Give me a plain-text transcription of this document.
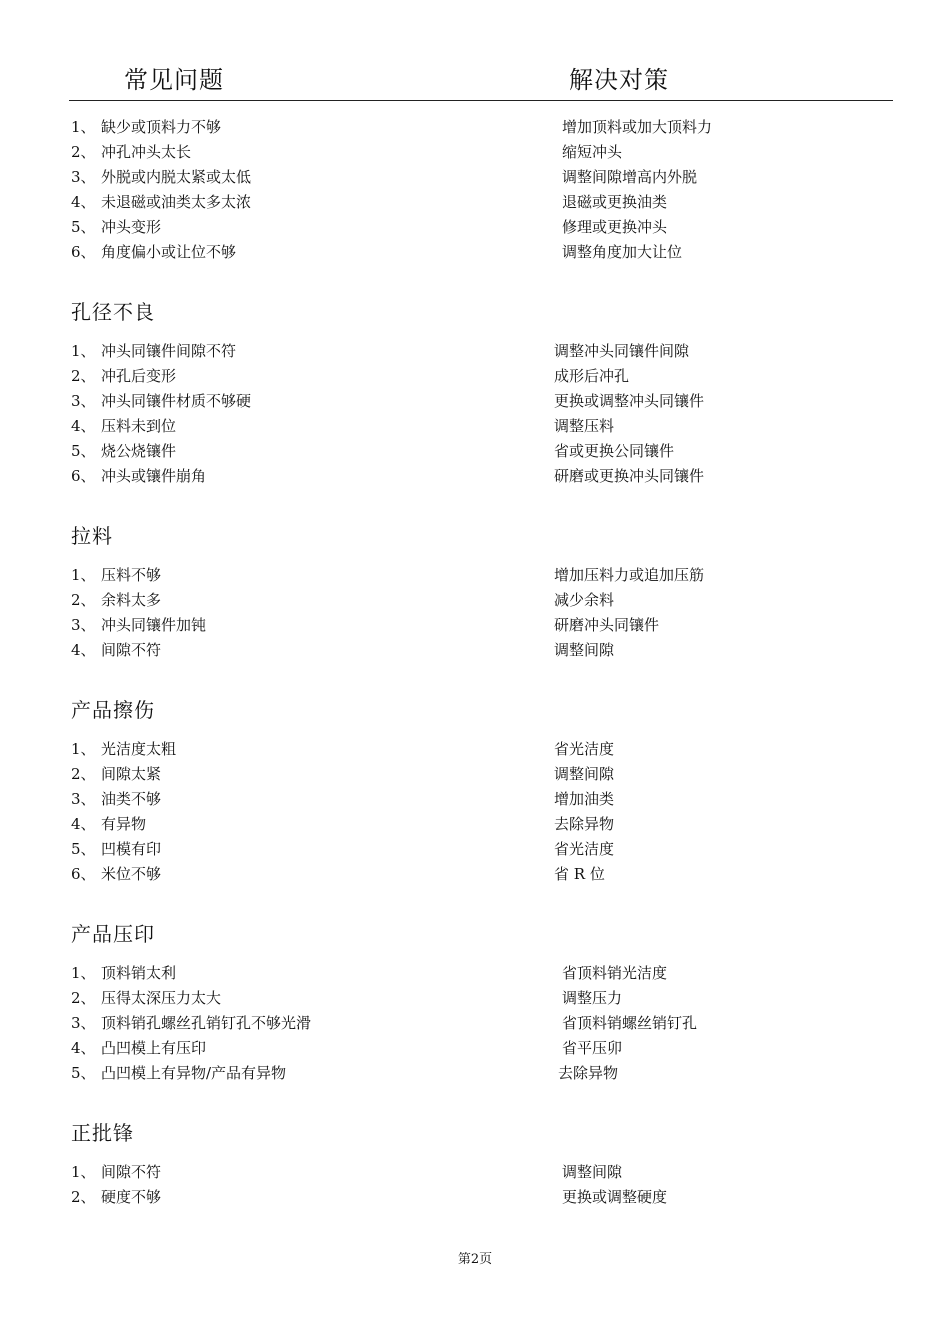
常见问题	解决对策
1、 缺少或顶料力不够	增加顶料或加大顶料力
2、 冲孔冲头太长	缩短冲头
3、 外脱或内脱太紧或太低	调整间隙增高内外脱
4、 未退磁或油类太多太浓	退磁或更换油类
5、 冲头变形	修理或更换冲头
6、 角度偏小或让位不够	调整角度加大让位
孔径不良
1、 冲头同镶件间隙不符	调整冲头同镶件间隙
2、 冲孔后变形	成形后冲孔
3、 冲头同镶件材质不够硬	更换或调整冲头同镶件
4、 压料未到位	调整压料
5、 烧公烧镶件	省或更换公同镶件
6、 冲头或镶件崩角	研磨或更换冲头同镶件
拉料
1、 压料不够	增加压料力或追加压筋
2、 余料太多	减少余料
3、 冲头同镶件加钝	研磨冲头同镶件
4、 间隙不符	调整间隙
产品擦伤
1、 光洁度太粗	省光洁度
2、 间隙太紧	调整间隙
3、 油类不够	增加油类
4、 有异物	去除异物
5、 凹模有印	省光洁度
6、 米位不够	省 R 位
产品压印
1、 顶料销太利	省顶料销光洁度
2、 压得太深压力太大	调整压力
3、 顶料销孔螺丝孔销钉孔不够光滑	省顶料销螺丝销钉孔
4、 凸凹模上有压印	省平压卯
5、 凸凹模上有异物/产品有异物	去除异物
正批锋
1、 间隙不符	调整间隙
2、 硬度不够	更换或调整硬度
第2页
